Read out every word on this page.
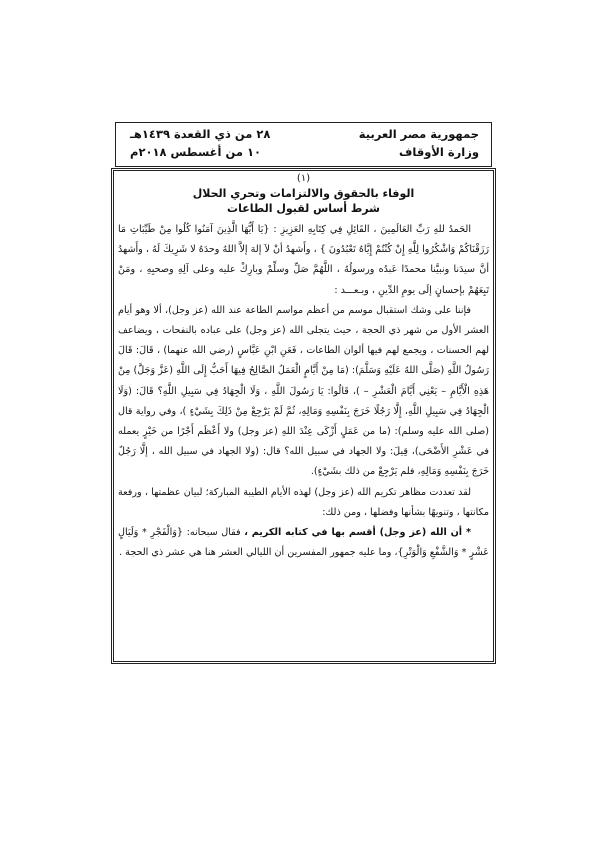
جمهورية مصر العربية
وزارة الأوقاف
٢٨ من ذي القعدة ١٤٣٩هـ
١٠ من أغسطس ٢٠١٨م
(١)
الوفاء بالحقوق والالتزامات وتحري الحلال
شرط أساس لقبول الطاعات

الحَمدُ للهِ رَبِّ العَالَمِينَ ، القَائِلِ فِي كِتَابِهِ العَزِيزِ : {يَا أَيُّهَا الَّذِينَ آمَنُوا كُلُوا مِنْ طَيِّبَاتِ مَا رَزَقْنَاكُمْ وَاشْكُرُوا لِلَّهِ إِنْ كُنْتُمْ إِيَّاهُ تَعْبُدُونَ } ، وأَشهدُ أنْ لاَ إلهَ إلاَّ اللهُ وحدَهُ لا شَرِيكَ لَهُ ، وأَشهدُ أنَّ سيدَنا ونبيَّنا محمدًا عَبدُه ورسولُهُ ، اللَّهُمَّ صَلِّ وسلِّمْ وبارِكْ عليه وعلى آلِهِ وصحبِهِ ، ومَنْ تَبِعَهُمْ بإحسانٍ إلَى يومِ الدِّينِ ، وبـعـــد :

فإننا على وشك استقبال موسم من أعظم مواسم الطاعة عند الله (عز وجل)، ألا وهو أيام العشر الأول من شهر ذي الحجة ، حيث يتجلى الله (عز وجل) على عباده بالنفحات ، ويضاعف لهم الحسنات ، ويجمع لهم فيها ألوان الطاعات ، فَعَنِ ابْنِ عَبَّاسٍ (رضي الله عنهما) ، قَالَ: قَالَ رَسُولُ اللَّهِ (صَلَّى اللهُ عَلَيْهِ وَسَلَّمَ): (مَا مِنْ أَيَّامٍ الْعَمَلُ الصَّالِحُ فِيهَا أَحَبُّ إِلَى اللَّهِ (عَزَّ وَجَلَّ) مِنْ هَذِهِ الْأَيَّامِ – يَعْنِي أَيَّامَ الْعَشْرِ – )، قَالُوا: يَا رَسُولَ اللَّهِ ، وَلَا الْجِهَادُ فِي سَبِيلِ اللَّهِ؟ قَالَ: (وَلَا الْجِهَادُ فِي سَبِيلِ اللَّهِ، إِلَّا رَجُلًا خَرَجَ بِنَفْسِهِ وَمَالِهِ، ثُمَّ لَمْ يَرْجِعْ مِنْ ذَلِكَ بِشَيْءٍ )، وفي رواية قال (صلى الله عليه وسلم): (ما من عَمَلٍ أَزْكَى عِنْدَ اللهِ (عز وجل) ولا أَعْظَم أَجْرًا من خَيْرٍ يعمله في عَشْرِ الأَضْحَى)، قِيلَ: ولا الجهاد في سبيل الله؟ قال: (ولا الجهاد في سبيل الله ، إلَّا رَجُلٌ خَرَجَ بِنَفْسِهِ وَمَالِهِ، فلم يَرْجِعْ من ذلك بشَيْءٍ).

لقد تعددت مظاهر تكريم الله (عز وجل) لهذه الأيام الطيبة المباركة؛ لبيان عظمتها ، ورفعة مكانتها ، وتنويهًا بشأنها وفضلها ، ومن ذلك:

* أن الله (عز وجل) أقسم بها في كتابه الكريم ، فقال سبحانه: {وَالْفَجْرِ * وَلَيَالٍ عَشْرٍ * وَالشَّفْعِ وَالْوَتْرِ}، وما عليه جمهور المفسرين أن الليالي العشر هنا هي عشر ذي الحجة .
